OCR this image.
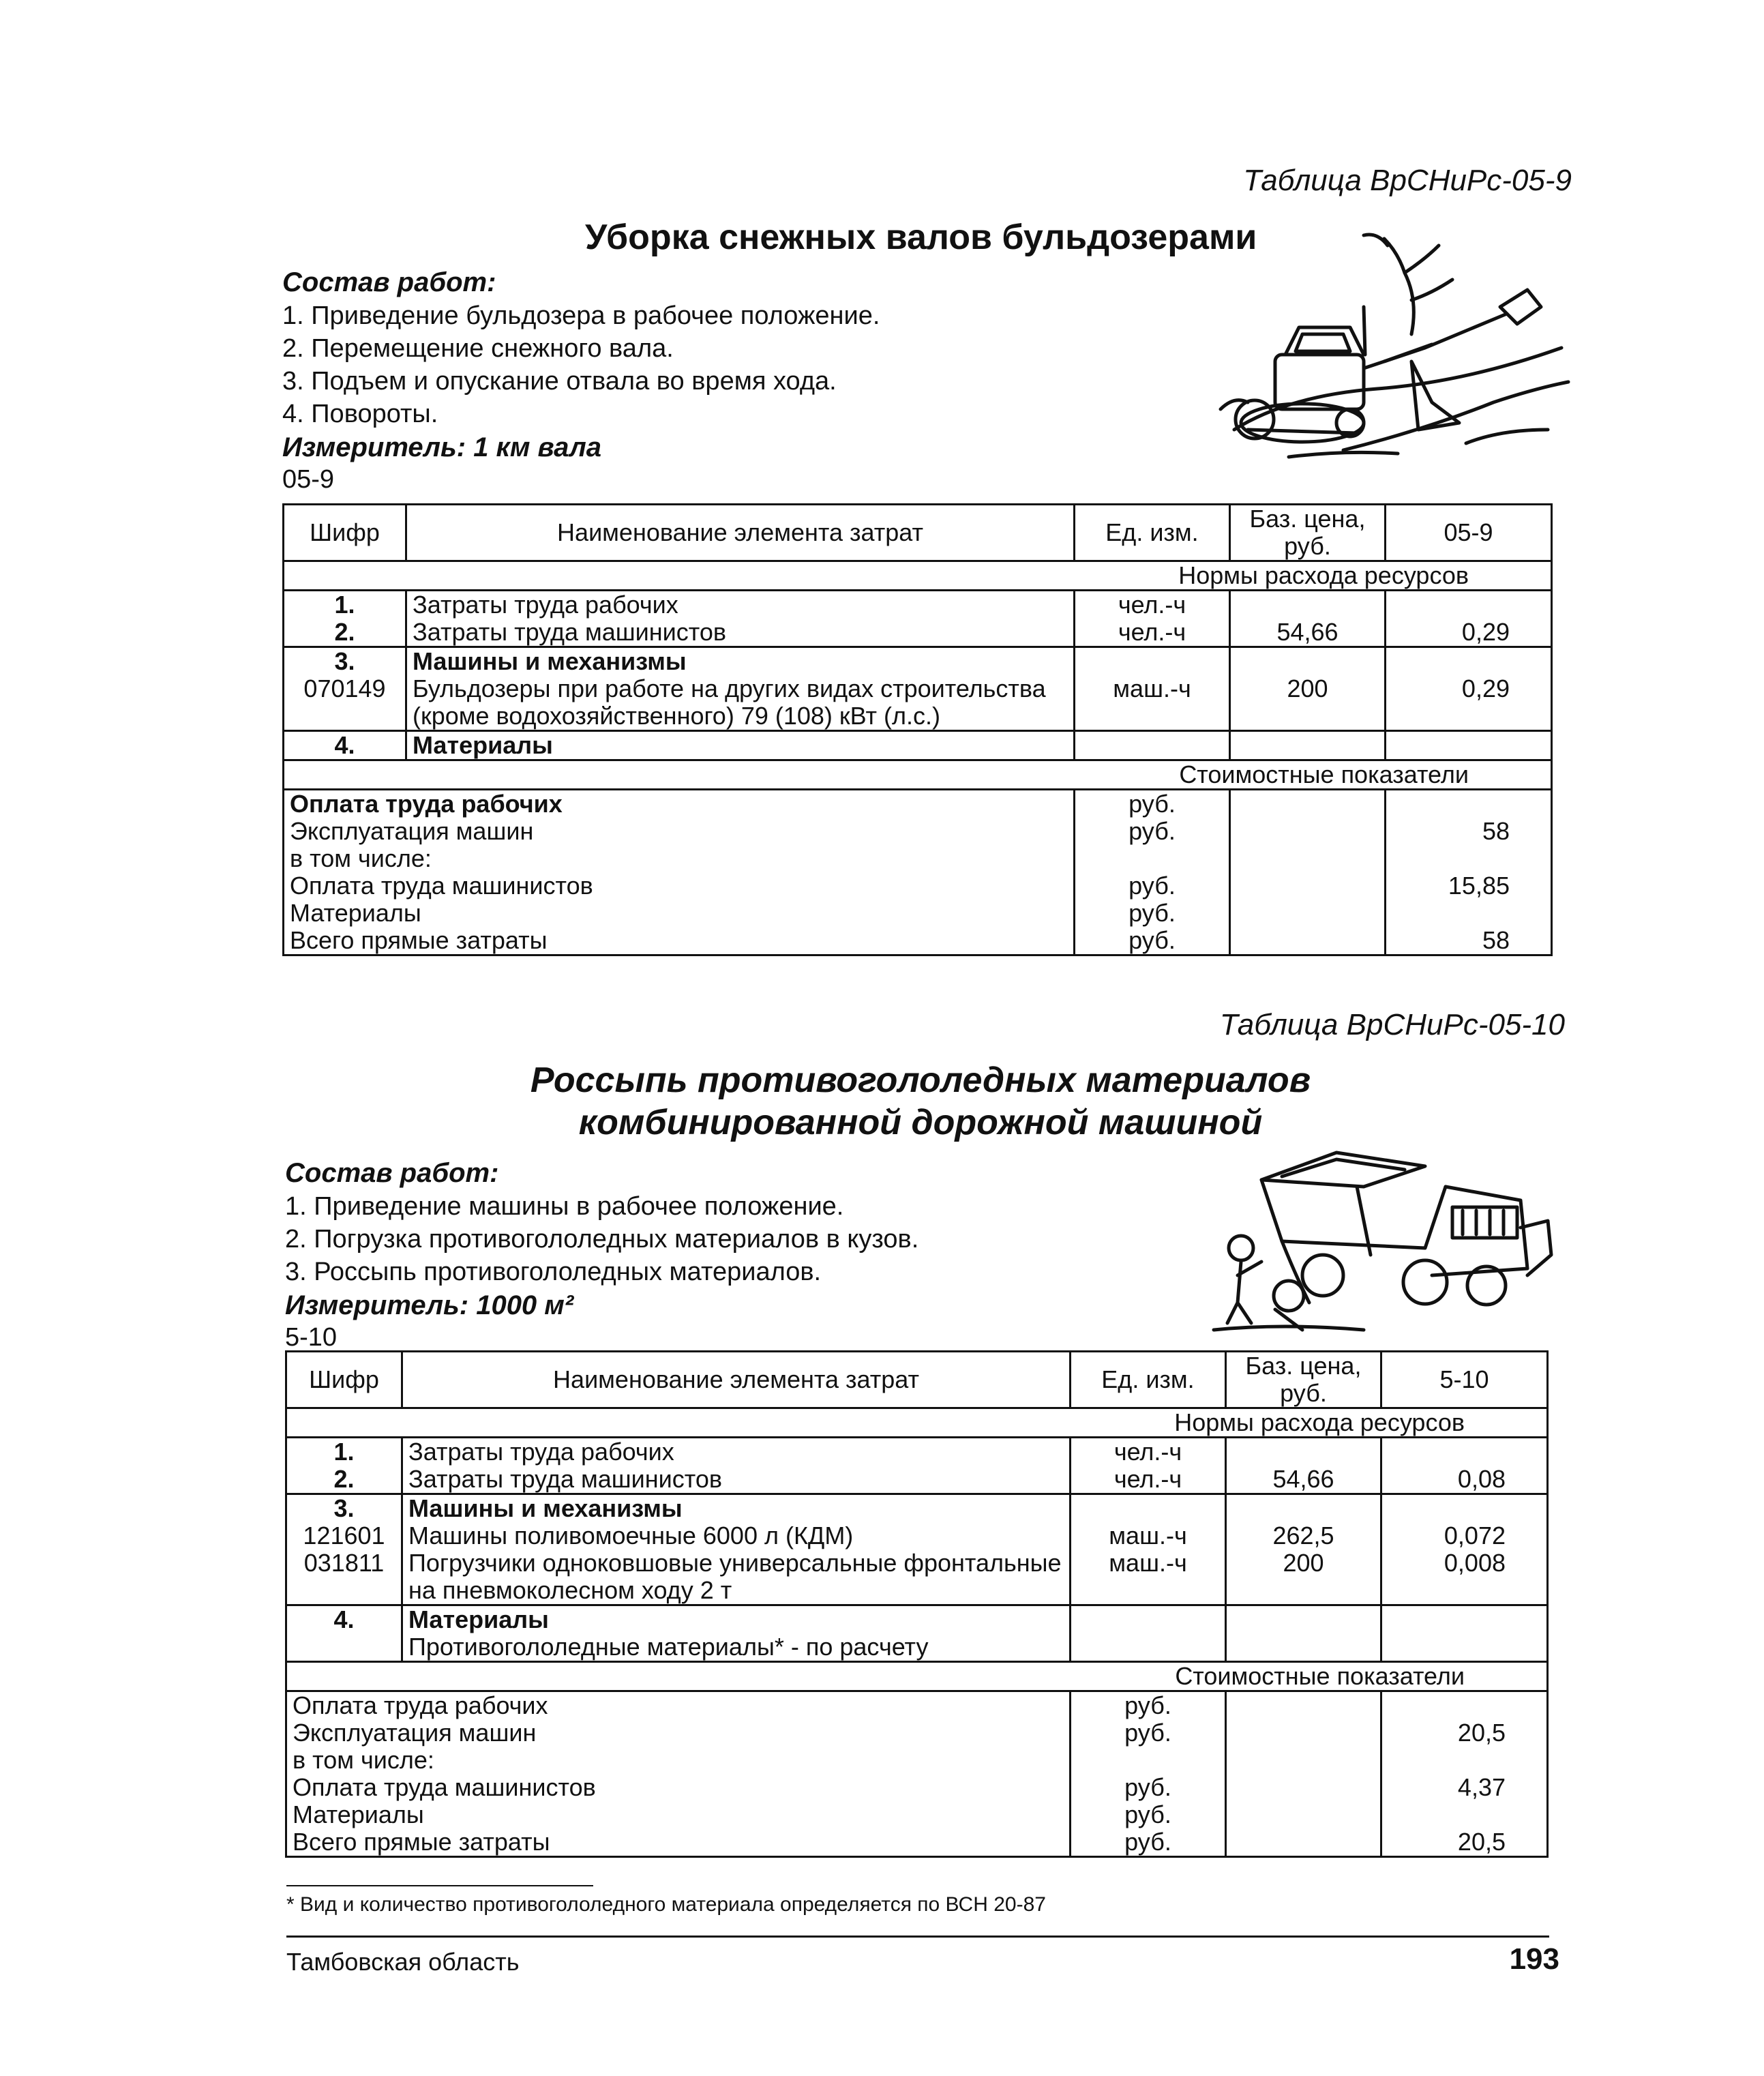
Таблица ВрСНиРс-05-9
Уборка снежных валов бульдозерами
Состав работ:
1. Приведение бульдозера в рабочее положение.
2. Перемещение снежного вала.
3. Подъем и опускание отвала во время хода.
4. Повороты.
Измеритель: 1 км вала
05-9
Шифр	Наименование элемента затрат	Ед. изм.	Баз. цена, руб.	05-9
Нормы расхода ресурсов				
1.	Затраты труда рабочих	чел.-ч		
2.	Затраты труда машинистов	чел.-ч	54,66	0,29
3.	Машины и механизмы			
070149	Бульдозеры при работе на других видах строительства (кроме водохозяйственного) 79 (108) кВт (л.с.)	маш.-ч	200	0,29
4.	Материалы			
Стоимостные показатели				
Оплата труда рабочих		руб.		
Эксплуатация машин		руб.		58
в том числе:				
Оплата труда машинистов		руб.		15,85
Материалы		руб.		
Всего прямые затраты		руб.		58
Таблица ВрСНиРс-05-10
Россыпь противогололедных материалов
комбинированной дорожной машиной
Состав работ:
1. Приведение машины в рабочее положение.
2. Погрузка противогололедных материалов в кузов.
3. Россыпь противогололедных материалов.
Измеритель: 1000 м²
5-10
Шифр	Наименование элемента затрат	Ед. изм.	Баз. цена, руб.	5-10
Нормы расхода ресурсов				
1.	Затраты труда рабочих	чел.-ч		
2.	Затраты труда машинистов	чел.-ч	54,66	0,08
3.	Машины и механизмы			
121601	Машины поливомоечные 6000 л (КДМ)	маш.-ч	262,5	0,072
031811	Погрузчики одноковшовые универсальные фронтальные на пневмоколесном ходу 2 т	маш.-ч	200	0,008
4.	Материалы			
	Противогололедные материалы* - по расчету			
Стоимостные показатели				
Оплата труда рабочих		руб.		
Эксплуатация машин		руб.		20,5
в том числе:				
Оплата труда машинистов		руб.		4,37
Материалы		руб.		
Всего прямые затраты		руб.		20,5
* Вид и количество противогололедного материала определяется по ВСН 20-87
Тамбовская область	193
